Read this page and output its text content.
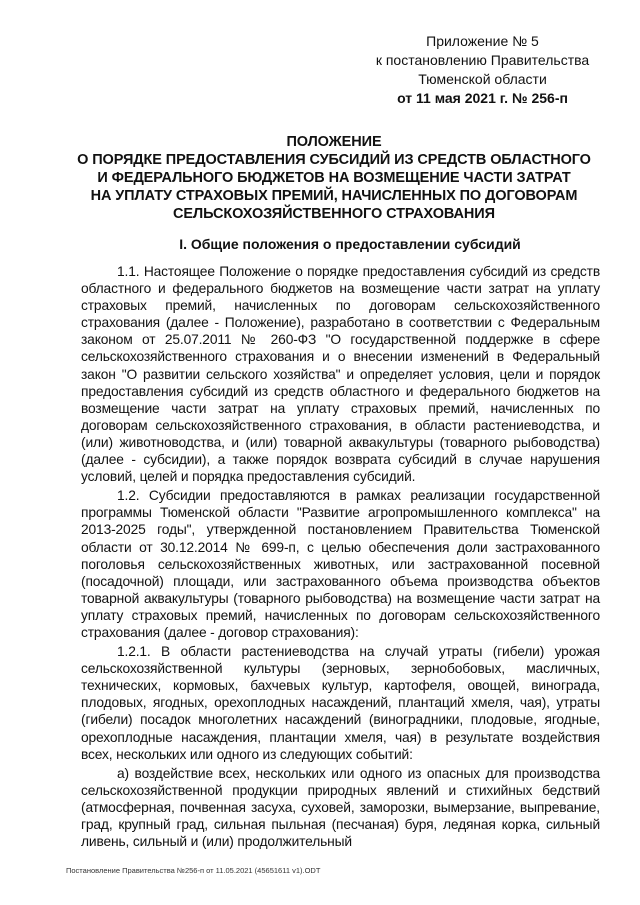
Приложение № 5
к постановлению Правительства
Тюменской области
от 11 мая 2021 г. № 256-п
ПОЛОЖЕНИЕ
О ПОРЯДКЕ ПРЕДОСТАВЛЕНИЯ СУБСИДИЙ ИЗ СРЕДСТВ ОБЛАСТНОГО
И ФЕДЕРАЛЬНОГО БЮДЖЕТОВ НА ВОЗМЕЩЕНИЕ ЧАСТИ ЗАТРАТ
НА УПЛАТУ СТРАХОВЫХ ПРЕМИЙ, НАЧИСЛЕННЫХ ПО ДОГОВОРАМ
СЕЛЬСКОХОЗЯЙСТВЕННОГО СТРАХОВАНИЯ
I. Общие положения о предоставлении субсидий

1.1. Настоящее Положение о порядке предоставления субсидий из средств областного и федерального бюджетов на возмещение части затрат на уплату страховых премий, начисленных по договорам сельскохозяйственного страхования (далее - Положение), разработано в соответствии с Федеральным законом от 25.07.2011 № 260-ФЗ "О государственной поддержке в сфере сельскохозяйственного страхования и о внесении изменений в Федеральный закон "О развитии сельского хозяйства" и определяет условия, цели и порядок предоставления субсидий из средств областного и федерального бюджетов на возмещение части затрат на уплату страховых премий, начисленных по договорам сельскохозяйственного страхования, в области растениеводства, и (или) животноводства, и (или) товарной аквакультуры (товарного рыбоводства) (далее - субсидии), а также порядок возврата субсидий в случае нарушения условий, целей и порядка предоставления субсидий.

1.2. Субсидии предоставляются в рамках реализации государственной программы Тюменской области "Развитие агропромышленного комплекса" на 2013-2025 годы", утвержденной постановлением Правительства Тюменской области от 30.12.2014 № 699-п, с целью обеспечения доли застрахованного поголовья сельскохозяйственных животных, или застрахованной посевной (посадочной) площади, или застрахованного объема производства объектов товарной аквакультуры (товарного рыбоводства) на возмещение части затрат на уплату страховых премий, начисленных по договорам сельскохозяйственного страхования (далее - договор страхования):

1.2.1. В области растениеводства на случай утраты (гибели) урожая сельскохозяйственной культуры (зерновых, зернобобовых, масличных, технических, кормовых, бахчевых культур, картофеля, овощей, винограда, плодовых, ягодных, орехоплодных насаждений, плантаций хмеля, чая), утраты (гибели) посадок многолетних насаждений (виноградники, плодовые, ягодные, орехоплодные насаждения, плантации хмеля, чая) в результате воздействия всех, нескольких или одного из следующих событий:

а) воздействие всех, нескольких или одного из опасных для производства сельскохозяйственной продукции природных явлений и стихийных бедствий (атмосферная, почвенная засуха, суховей, заморозки, вымерзание, выпревание, град, крупный град, сильная пыльная (песчаная) буря, ледяная корка, сильный ливень, сильный и (или) продолжительный

Постановление Правительства №256-п от 11.05.2021 (45651611 v1).ODT
